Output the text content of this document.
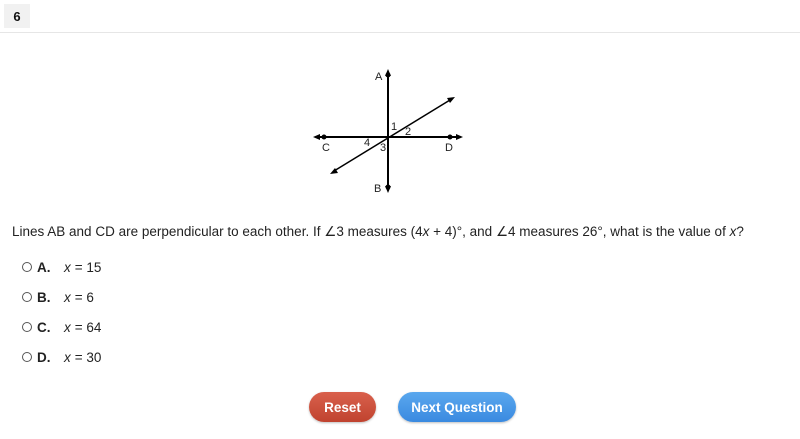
6
A
B
C	D
1 2
3
4
Lines AB and CD are perpendicular to each other. If ∠3 measures (4x + 4)°, and ∠4 measures 26°, what is the value of x?
A.	x = 15
B.	x = 6
C.	x = 64
D.	x = 30
Reset	Next Question
